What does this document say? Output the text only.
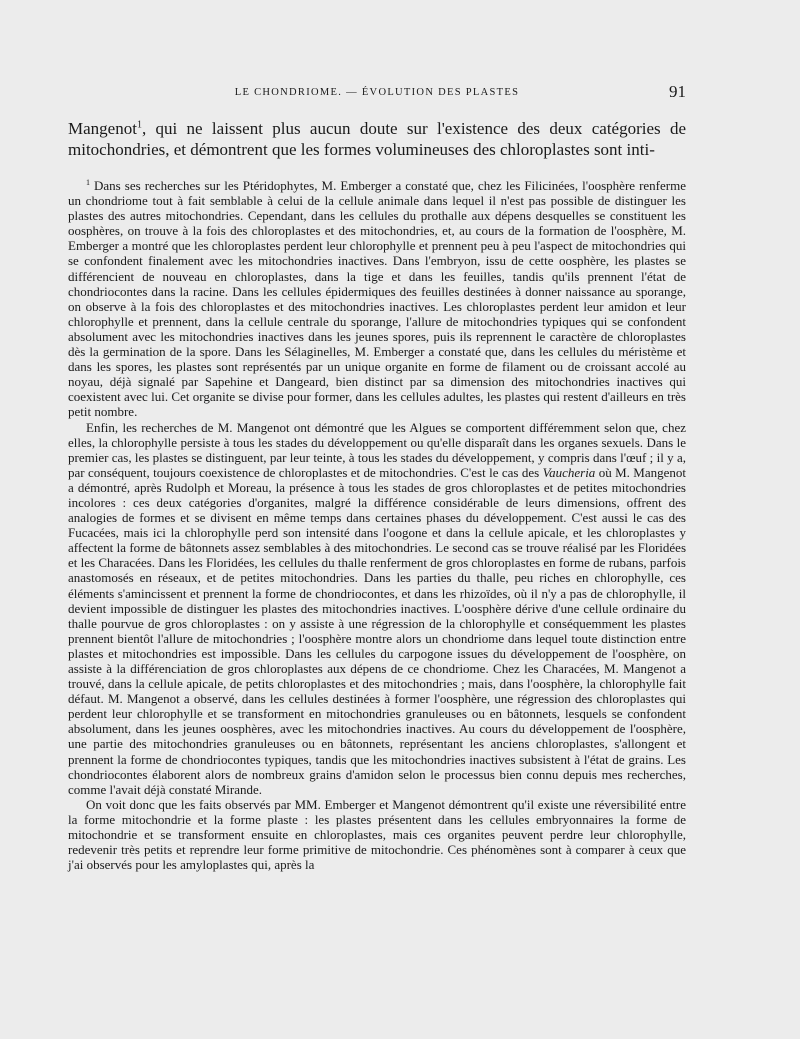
LE CHONDRIOME. — ÉVOLUTION DES PLASTES	91

Mangenot$^1$, qui ne laissent plus aucun doute sur l'existence des deux catégories de mitochondries, et démontrent que les formes volumineuses des chloroplastes sont inti-

$^1$ Dans ses recherches sur les Ptéridophytes, M. Emberger a constaté que, chez les Filicinées, l'oosphère renferme un chondriome tout à fait semblable à celui de la cellule animale dans lequel il n'est pas possible de distinguer les plastes des autres mitochondries. Cependant, dans les cellules du prothalle aux dépens desquelles se constituent les oosphères, on trouve à la fois des chloroplastes et des mitochondries, et, au cours de la formation de l'oosphère, M. Emberger a montré que les chloroplastes perdent leur chlorophylle et prennent peu à peu l'aspect de mitochondries qui se confondent finalement avec les mitochondries inactives. Dans l'embryon, issu de cette oosphère, les plastes se différencient de nouveau en chloroplastes, dans la tige et dans les feuilles, tandis qu'ils prennent l'état de chondriocontes dans la racine. Dans les cellules épidermiques des feuilles destinées à donner naissance au sporange, on observe à la fois des chloroplastes et des mitochondries inactives. Les chloroplastes perdent leur amidon et leur chlorophylle et prennent, dans la cellule centrale du sporange, l'allure de mitochondries typiques qui se confondent absolument avec les mitochondries inactives dans les jeunes spores, puis ils reprennent le caractère de chloroplastes dès la germination de la spore. Dans les Sélaginelles, M. Emberger a constaté que, dans les cellules du méristème et dans les spores, les plastes sont représentés par un unique organite en forme de filament ou de croissant accolé au noyau, déjà signalé par Sapehine et Dangeard, bien distinct par sa dimension des mitochondries inactives qui coexistent avec lui. Cet organite se divise pour former, dans les cellules adultes, les plastes qui restent d'ailleurs en très petit nombre.

Enfin, les recherches de M. Mangenot ont démontré que les Algues se comportent différemment selon que, chez elles, la chlorophylle persiste à tous les stades du développement ou qu'elle disparaît dans les organes sexuels. Dans le premier cas, les plastes se distinguent, par leur teinte, à tous les stades du développement, y compris dans l'œuf ; il y a, par conséquent, toujours coexistence de chloroplastes et de mitochondries. C'est le cas des Vaucheria où M. Mangenot a démontré, après Rudolph et Moreau, la présence à tous les stades de gros chloroplastes et de petites mitochondries incolores : ces deux catégories d'organites, malgré la différence considérable de leurs dimensions, offrent des analogies de formes et se divisent en même temps dans certaines phases du développement. C'est aussi le cas des Fucacées, mais ici la chlorophylle perd son intensité dans l'oogone et dans la cellule apicale, et les chloroplastes y affectent la forme de bâtonnets assez semblables à des mitochondries. Le second cas se trouve réalisé par les Floridées et les Characées. Dans les Floridées, les cellules du thalle renferment de gros chloroplastes en forme de rubans, parfois anastomosés en réseaux, et de petites mitochondries. Dans les parties du thalle, peu riches en chlorophylle, ces éléments s'amincissent et prennent la forme de chondriocontes, et dans les rhizoïdes, où il n'y a pas de chlorophylle, il devient impossible de distinguer les plastes des mitochondries inactives. L'oosphère dérive d'une cellule ordinaire du thalle pourvue de gros chloroplastes : on y assiste à une régression de la chlorophylle et conséquemment les plastes prennent bientôt l'allure de mitochondries ; l'oosphère montre alors un chondriome dans lequel toute distinction entre plastes et mitochondries est impossible. Dans les cellules du carpogone issues du développement de l'oosphère, on assiste à la différenciation de gros chloroplastes aux dépens de ce chondriome. Chez les Characées, M. Mangenot a trouvé, dans la cellule apicale, de petits chloroplastes et des mitochondries ; mais, dans l'oosphère, la chlorophylle fait défaut. M. Mangenot a observé, dans les cellules destinées à former l'oosphère, une régression des chloroplastes qui perdent leur chlorophylle et se transforment en mitochondries granuleuses ou en bâtonnets, lesquels se confondent absolument, dans les jeunes oosphères, avec les mitochondries inactives. Au cours du développement de l'oosphère, une partie des mitochondries granuleuses ou en bâtonnets, représentant les anciens chloroplastes, s'allongent et prennent la forme de chondriocontes typiques, tandis que les mitochondries inactives subsistent à l'état de grains. Les chondriocontes élaborent alors de nombreux grains d'amidon selon le processus bien connu depuis mes recherches, comme l'avait déjà constaté Mirande.

On voit donc que les faits observés par MM. Emberger et Mangenot démontrent qu'il existe une réversibilité entre la forme mitochondrie et la forme plaste : les plastes présentent dans les cellules embryonnaires la forme de mitochondrie et se transforment ensuite en chloroplastes, mais ces organites peuvent perdre leur chlorophylle, redevenir très petits et reprendre leur forme primitive de mitochondrie. Ces phénomènes sont à comparer à ceux que j'ai observés pour les amyloplastes qui, après la
